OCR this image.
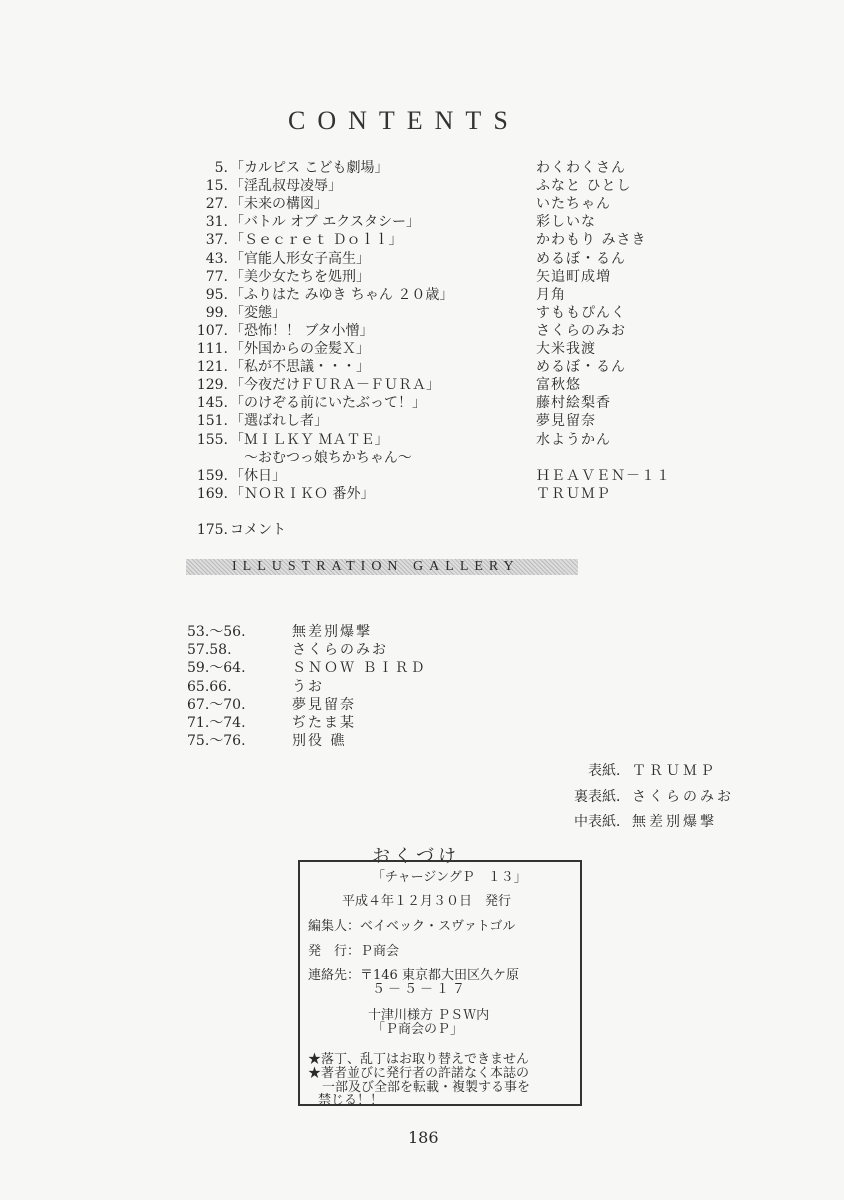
CONTENTS
5. 「カルピス こども劇場」	わくわくさん
15. 「淫乱叔母凌辱」	ふなと ひとし
27. 「未来の構図」	いたちゃん
31. 「バトル オブ エクスタシー」	彩しいな
37. 「Ｓｅｃｒｅｔ Ｄｏｌｌ」	かわもり みさき
43. 「官能人形女子高生」	めるぼ・るん
77. 「美少女たちを処刑」	矢追町成増
95. 「ふりはた みゆき ちゃん ２０歳」	月角
99. 「変態」	すももぴんく
107. 「恐怖！！ ブタ小憎」	さくらのみお
111. 「外国からの金髪Ｘ」	大米我渡
121. 「私が不思議・・・」	めるぼ・るん
129. 「今夜だけＦＵＲＡ－ＦＵＲＡ」	富秋悠
145. 「のけぞる前にいたぶって！」	藤村絵梨香
151. 「選ばれし者」	夢見留奈
155. 「ＭＩＬＫＹ ＭＡＴＥ」	水ようかん
　～おむつっ娘ちかちゃん～
159. 「休日」	ＨＥＡＶＥＮ－１１
169. 「ＮＯＲＩＫＯ 番外」	ＴＲＵＭＰ
175. コメント
ILLUSTRATION GALLERY
53.～56.	無差別爆撃
57.58.	さくらのみお
59.～64.	ＳＮＯＷ ＢＩＲＤ
65.66.	うお
67.～70.	夢見留奈
71.～74.	ぢたま某
75.～76.	別役 礁
表紙． ＴＲＵＭＰ
裏表紙． さくらのみお
中表紙． 無差別爆撃
おくづけ
「チャージングＰ　１３」
平成４年１２月３０日　発行
編集人：ベイベック・スヴァトゴル
発　行：Ｐ商会
連絡先：〒146 東京都大田区久ケ原
５－５－１７
十津川様方 ＰＳＷ内
「Ｐ商会のＰ」
★落丁、乱丁はお取り替えできません
★著者並びに発行者の許諾なく本誌の
一部及び全部を転載・複製する事を
禁じる！！
186
